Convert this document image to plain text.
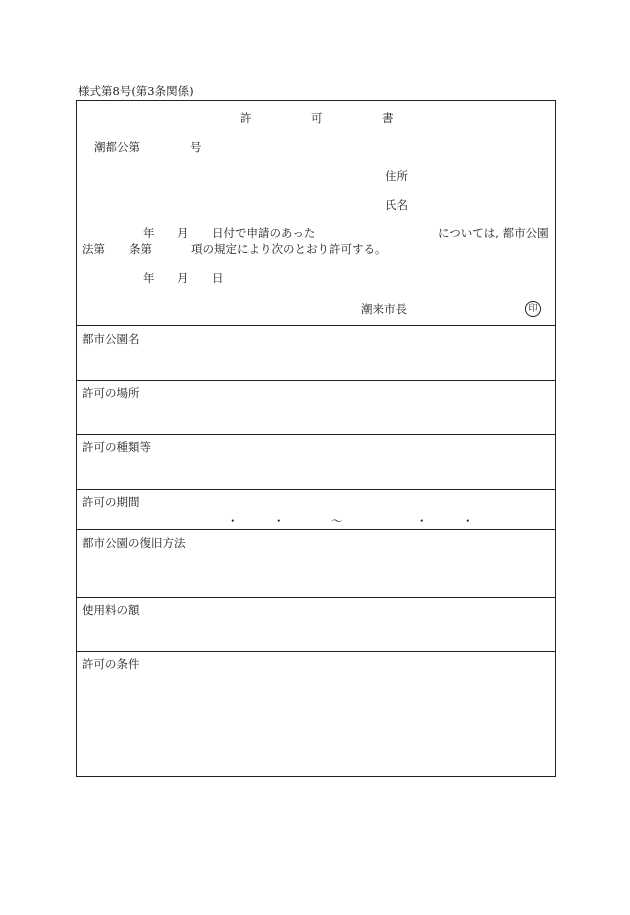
様式第8号(第3条関係)
許	可	書
潮都公第	号
住所
氏名
年 月 日付で申請のあった	については, 都市公園
法第 条第	項の規定により次のとおり許可する。
年 月 日
潮来市長	印
都市公園名
許可の場所
許可の種類等
許可の期間
・	・	～	・	・
都市公園の復旧方法
使用料の額
許可の条件
